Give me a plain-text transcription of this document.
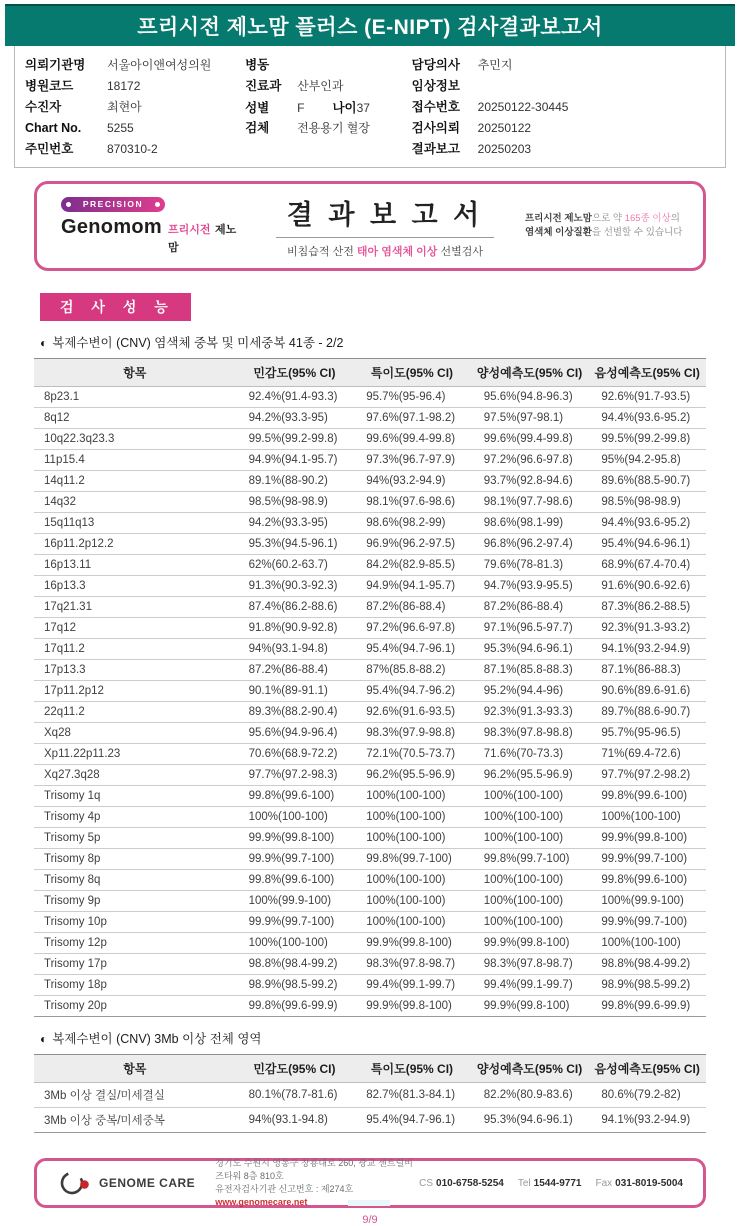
프리시전 제노맘 플러스 (E-NIPT) 검사결과보고서
의뢰기관명	서울아이앤여성의원
병원코드	18172
수진자	최현아
Chart No.	5255
주민번호	870310-2
병동
진료과	산부인과
성별	F	나이37
검체	전용용기 혈장
담당의사	추민지
임상정보
접수번호	20250122-30445
검사의뢰	20250122
결과보고	20250203
PRECISION
Genomom 프리시전 제노맘
결 과 보 고 서
비침습적 산전 태아 염색체 이상 선별검사
프리시전 제노맘으로 약 165종 이상의
염색체 이상질환을 선별할 수 있습니다
검 사 성 능
◐ 복제수변이 (CNV) 염색체 중복 및 미세중복 41종 - 2/2
항목	민감도(95% CI)	특이도(95% CI)	양성예측도(95% CI)	음성예측도(95% CI)
8p23.1	92.4%(91.4-93.3)	95.7%(95-96.4)	95.6%(94.8-96.3)	92.6%(91.7-93.5)
8q12	94.2%(93.3-95)	97.6%(97.1-98.2)	97.5%(97-98.1)	94.4%(93.6-95.2)
10q22.3q23.3	99.5%(99.2-99.8)	99.6%(99.4-99.8)	99.6%(99.4-99.8)	99.5%(99.2-99.8)
11p15.4	94.9%(94.1-95.7)	97.3%(96.7-97.9)	97.2%(96.6-97.8)	95%(94.2-95.8)
14q11.2	89.1%(88-90.2)	94%(93.2-94.9)	93.7%(92.8-94.6)	89.6%(88.5-90.7)
14q32	98.5%(98-98.9)	98.1%(97.6-98.6)	98.1%(97.7-98.6)	98.5%(98-98.9)
15q11q13	94.2%(93.3-95)	98.6%(98.2-99)	98.6%(98.1-99)	94.4%(93.6-95.2)
16p11.2p12.2	95.3%(94.5-96.1)	96.9%(96.2-97.5)	96.8%(96.2-97.4)	95.4%(94.6-96.1)
16p13.11	62%(60.2-63.7)	84.2%(82.9-85.5)	79.6%(78-81.3)	68.9%(67.4-70.4)
16p13.3	91.3%(90.3-92.3)	94.9%(94.1-95.7)	94.7%(93.9-95.5)	91.6%(90.6-92.6)
17q21.31	87.4%(86.2-88.6)	87.2%(86-88.4)	87.2%(86-88.4)	87.3%(86.2-88.5)
17q12	91.8%(90.9-92.8)	97.2%(96.6-97.8)	97.1%(96.5-97.7)	92.3%(91.3-93.2)
17q11.2	94%(93.1-94.8)	95.4%(94.7-96.1)	95.3%(94.6-96.1)	94.1%(93.2-94.9)
17p13.3	87.2%(86-88.4)	87%(85.8-88.2)	87.1%(85.8-88.3)	87.1%(86-88.3)
17p11.2p12	90.1%(89-91.1)	95.4%(94.7-96.2)	95.2%(94.4-96)	90.6%(89.6-91.6)
22q11.2	89.3%(88.2-90.4)	92.6%(91.6-93.5)	92.3%(91.3-93.3)	89.7%(88.6-90.7)
Xq28	95.6%(94.9-96.4)	98.3%(97.9-98.8)	98.3%(97.8-98.8)	95.7%(95-96.5)
Xp11.22p11.23	70.6%(68.9-72.2)	72.1%(70.5-73.7)	71.6%(70-73.3)	71%(69.4-72.6)
Xq27.3q28	97.7%(97.2-98.3)	96.2%(95.5-96.9)	96.2%(95.5-96.9)	97.7%(97.2-98.2)
Trisomy 1q	99.8%(99.6-100)	100%(100-100)	100%(100-100)	99.8%(99.6-100)
Trisomy 4p	100%(100-100)	100%(100-100)	100%(100-100)	100%(100-100)
Trisomy 5p	99.9%(99.8-100)	100%(100-100)	100%(100-100)	99.9%(99.8-100)
Trisomy 8p	99.9%(99.7-100)	99.8%(99.7-100)	99.8%(99.7-100)	99.9%(99.7-100)
Trisomy 8q	99.8%(99.6-100)	100%(100-100)	100%(100-100)	99.8%(99.6-100)
Trisomy 9p	100%(99.9-100)	100%(100-100)	100%(100-100)	100%(99.9-100)
Trisomy 10p	99.9%(99.7-100)	100%(100-100)	100%(100-100)	99.9%(99.7-100)
Trisomy 12p	100%(100-100)	99.9%(99.8-100)	99.9%(99.8-100)	100%(100-100)
Trisomy 17p	98.8%(98.4-99.2)	98.3%(97.8-98.7)	98.3%(97.8-98.7)	98.8%(98.4-99.2)
Trisomy 18p	98.9%(98.5-99.2)	99.4%(99.1-99.7)	99.4%(99.1-99.7)	98.9%(98.5-99.2)
Trisomy 20p	99.8%(99.6-99.9)	99.9%(99.8-100)	99.9%(99.8-100)	99.8%(99.6-99.9)
◐ 복제수변이 (CNV) 3Mb 이상 전체 영역
항목	민감도(95% CI)	특이도(95% CI)	양성예측도(95% CI)	음성예측도(95% CI)
3Mb 이상 결실/미세결실	80.1%(78.7-81.6)	82.7%(81.3-84.1)	82.2%(80.9-83.6)	80.6%(79.2-82)
3Mb 이상 중복/미세중복	94%(93.1-94.8)	95.4%(94.7-96.1)	95.3%(94.6-96.1)	94.1%(93.2-94.9)
GENOME CARE
경기도 수원시 영통구 창룡대로 260, 광교 센트럴비즈타워 8층 810호
유전자검사기관 신고번호 : 제274호
www.genomecare.net
CS 010-6758-5254 Tel 1544-9771 Fax 031-8019-5004
9/9
